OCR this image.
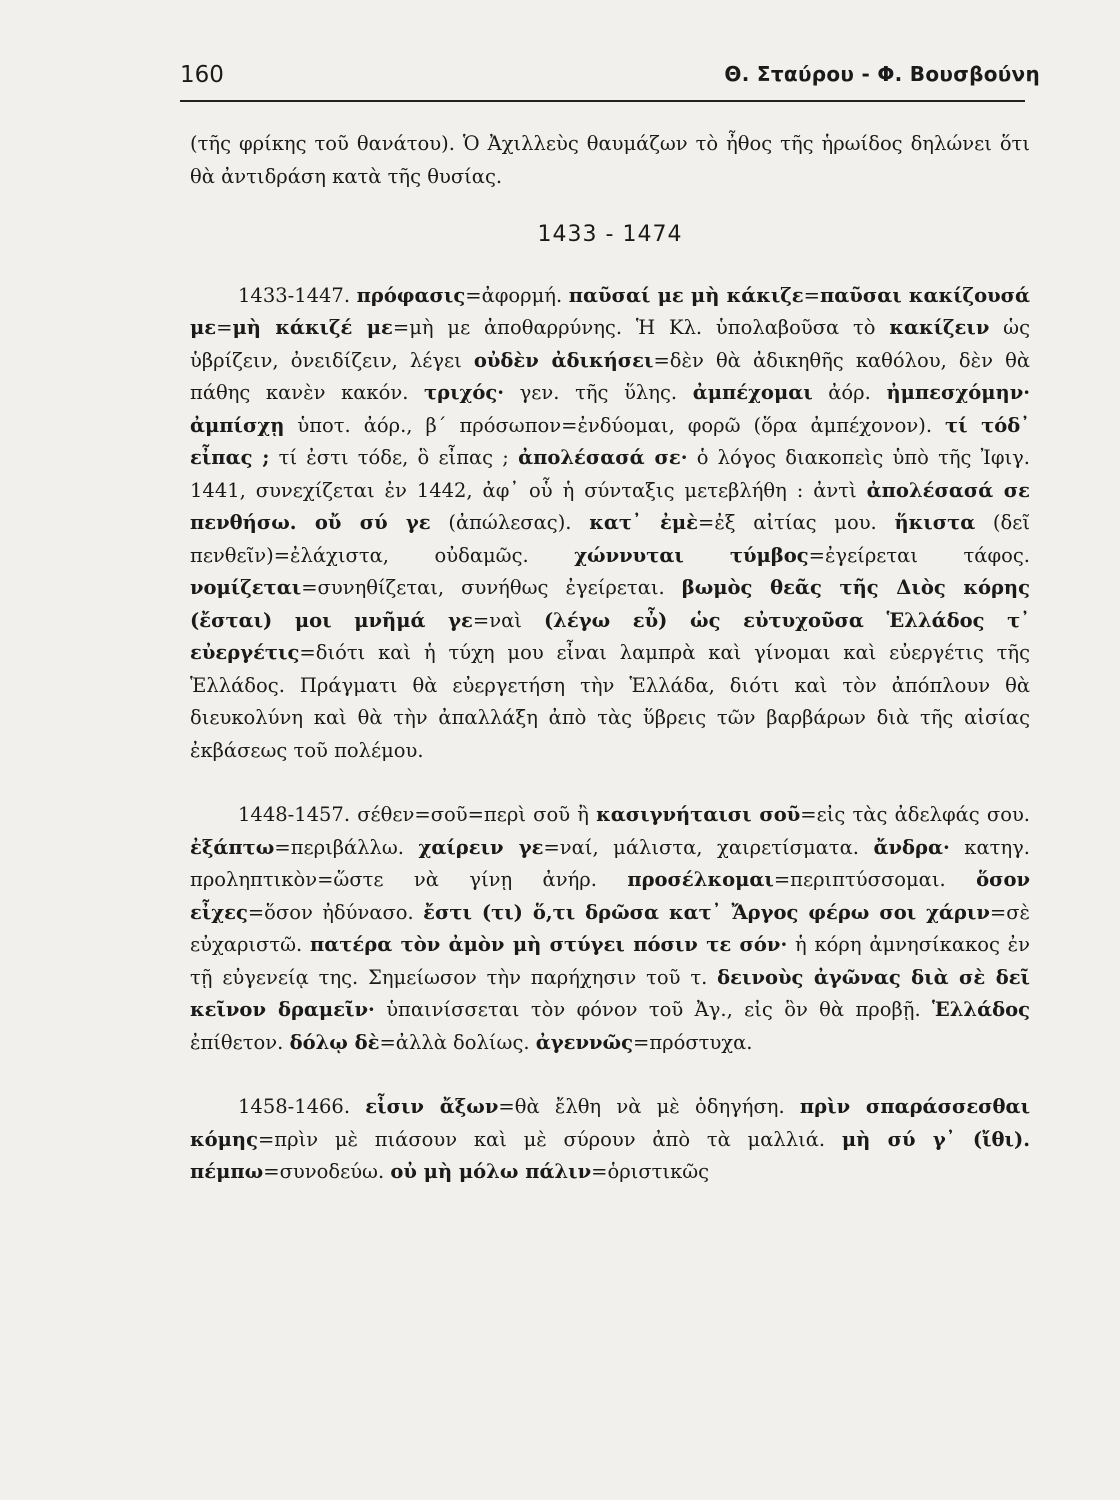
160	Θ. Σταύρου - Φ. Βουσβούνη

(τῆς φρίκης τοῦ θανάτου). Ὁ Ἀχιλλεὺς θαυμάζων τὸ ἦθος τῆς ἡρωίδος δηλώνει ὅτι θὰ ἀντιδράση κατὰ τῆς θυσίας.

1433 - 1474

1433-1447. πρόφασις=ἀφορμή. παῦσαί με μὴ κάκιζε=παῦσαι κακίζουσά με=μὴ κάκιζέ με=μὴ με ἀποθαρρύνης. Ἡ Κλ. ὑπολαβοῦσα τὸ κακίζειν ὡς ὑβρίζειν, ὀνειδίζειν, λέγει οὐδὲν ἀδικήσει=δὲν θὰ ἀδικηθῆς καθόλου, δὲν θὰ πάθης κανὲν κακόν. τριχός· γεν. τῆς ὕλης. ἀμπέχομαι ἀόρ. ἠμπεσχόμην· ἀμπίσχῃ ὑποτ. ἀόρ., β΄ πρόσωπον=ἐνδύομαι, φορῶ (ὅρα ἀμπέχονον). τί τόδ᾽ εἶπας ; τί ἐστι τόδε, ὃ εἶπας ; ἀπολέσασά σε· ὁ λόγος διακοπεὶς ὑπὸ τῆς Ἰφιγ. 1441, συνεχίζεται ἐν 1442, ἀφ᾽ οὗ ἡ σύνταξις μετεβλήθη : ἀντὶ ἀπολέσασά σε πενθήσω. οὔ σύ γε (ἀπώλεσας). κατ᾽ ἐμὲ=ἐξ αἰτίας μου. ἥκιστα (δεῖ πενθεῖν)=ἐλάχιστα, οὐδαμῶς. χώννυται τύμβος=ἐγείρεται τάφος. νομίζεται=συνηθίζεται, συνήθως ἐγείρεται. βωμὸς θεᾶς τῆς Διὸς κόρης (ἔσται) μοι μνῆμά γε=ναὶ (λέγω εὖ) ὡς εὐτυχοῦσα Ἑλλάδος τ᾽ εὐεργέτις=διότι καὶ ἡ τύχη μου εἶναι λαμπρὰ καὶ γίνομαι καὶ εὐεργέτις τῆς Ἑλλάδος. Πράγματι θὰ εὐεργετήση τὴν Ἑλλάδα, διότι καὶ τὸν ἀπόπλουν θὰ διευκολύνη καὶ θὰ τὴν ἀπαλλάξη ἀπὸ τὰς ὕβρεις τῶν βαρβάρων διὰ τῆς αἰσίας ἐκβάσεως τοῦ πολέμου.

1448-1457. σέθεν=σοῦ=περὶ σοῦ ἢ κασιγνήταισι σοῦ=εἰς τὰς ἀδελφάς σου. ἐξάπτω=περιβάλλω. χαίρειν γε=ναί, μάλιστα, χαιρετίσματα. ἄνδρα· κατηγ. προληπτικὸν=ὥστε νὰ γίνῃ ἀνήρ. προσέλκομαι=περιπτύσσομαι. ὅσον εἶχες=ὅσον ἠδύνασο. ἔστι (τι) ὅ,τι δρῶσα κατ᾽ Ἄργος φέρω σοι χάριν=σὲ εὐχαριστῶ. πατέρα τὸν ἀμὸν μὴ στύγει πόσιν τε σόν· ἡ κόρη ἀμνησίκακος ἐν τῇ εὐγενείᾳ της. Σημείωσον τὴν παρήχησιν τοῦ τ. δεινοὺς ἀγῶνας διὰ σὲ δεῖ κεῖνον δραμεῖν· ὑπαινίσσεται τὸν φόνον τοῦ Ἀγ., εἰς ὃν θὰ προβῇ. Ἑλλάδος ἐπίθετον. δόλῳ δὲ=ἀλλὰ δολίως. ἀγεννῶς=πρόστυχα.

1458-1466. εἶσιν ἄξων=θὰ ἔλθη νὰ μὲ ὁδηγήση. πρὶν σπαράσσεσθαι κόμης=πρὶν μὲ πιάσουν καὶ μὲ σύρουν ἀπὸ τὰ μαλλιά. μὴ σύ γ᾽ (ἴθι). πέμπω=συνοδεύω. οὐ μὴ μόλω πάλιν=ὁριστικῶς
